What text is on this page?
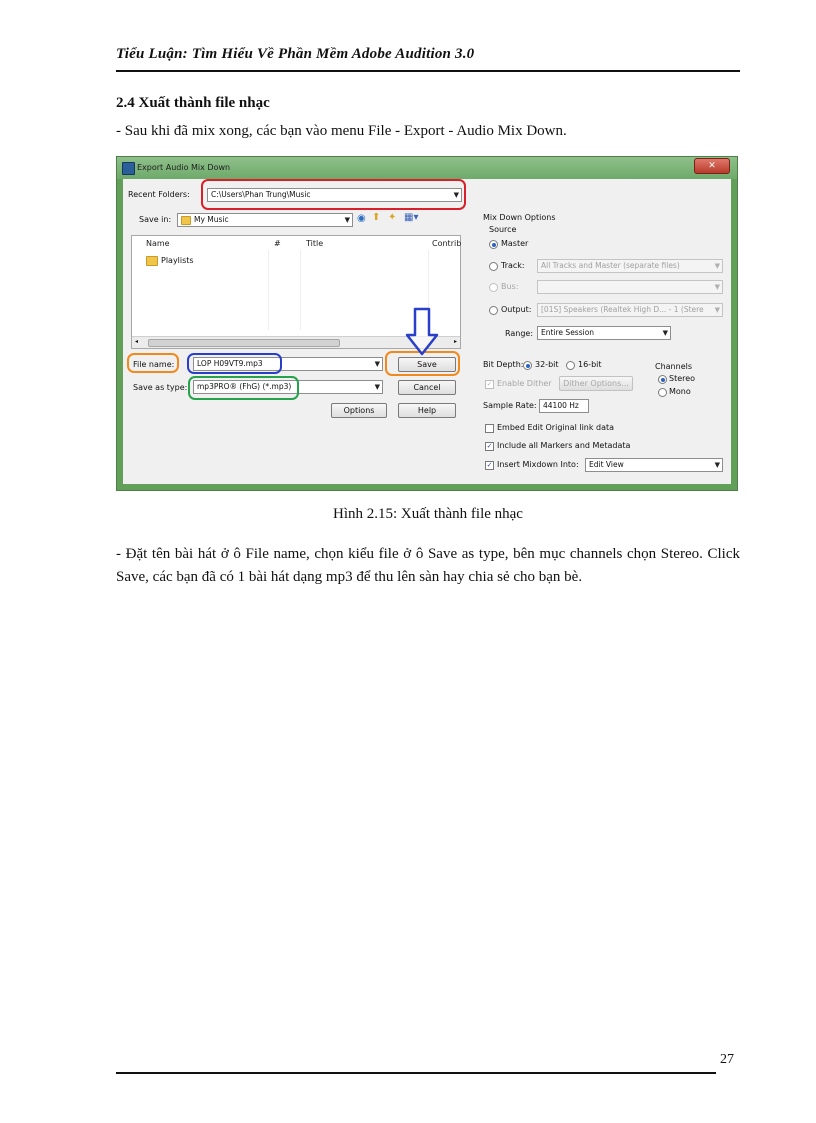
Tiểu Luận: Tìm Hiểu Về Phần Mềm Adobe Audition 3.0
2.4 Xuất thành file nhạc
- Sau khi đã mix xong, các bạn vào menu File - Export - Audio Mix Down.
Export Audio Mix Down	✕
Recent Folders:	C:\Users\Phan Trung\Music	▼
Save in:	My Music	▼ ◉ ⬆ ✦ ▦▾
Name	#	Title	Contrib
Playlists
◂	▸
File name:	LOP H09VT9.mp3	▼
Save as type:	mp3PRO® (FhG) (*.mp3)	▼
Save
Cancel
Options	Help
Mix Down Options
Source
Master
Track:	All Tracks and Master (separate files)	▼
Bus:	▼
Output:	[01S] Speakers (Realtek High D... - 1 (Stere ▼
Range:	Entire Session	▼
Bit Depth: 32-bit 16-bit	Channels
Stereo
Mono
✓ Enable Dither	Dither Options...
Sample Rate: 44100 Hz
Embed Edit Original link data
✓ Include all Markers and Metadata
✓ Insert Mixdown Into:	Edit View	▼
Hình 2.15: Xuất thành file nhạc
- Đặt tên bài hát ở ô File name, chọn kiểu file ở ô Save as type, bên mục channels chọn Stereo. Click Save, các bạn đã có 1 bài hát dạng mp3 để thu lên sàn hay chia sẻ cho bạn bè.
27
